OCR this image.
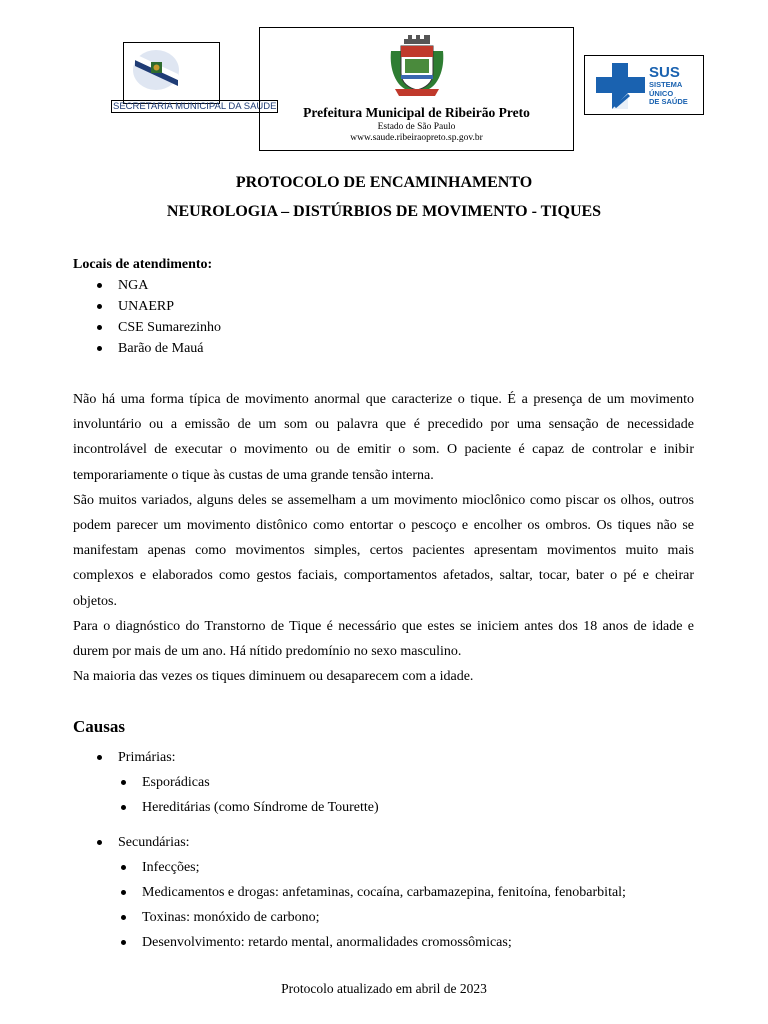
SECRETARIA MUNICIPAL DA SAÚDE	Prefeitura Municipal de Ribeirão Preto
Estado de São Paulo
www.saude.ribeiraopreto.sp.gov.br
SUS
SISTEMA
ÚNICO
DE SAÚDE
PROTOCOLO DE ENCAMINHAMENTO
NEUROLOGIA – DISTÚRBIOS DE MOVIMENTO - TIQUES
Locais de atendimento:
NGA
UNAERP
CSE Sumarezinho
Barão de Mauá

Não há uma forma típica de movimento anormal que caracterize o tique. É a presença de um movimento involuntário ou a emissão de um som ou palavra que é precedido por uma sensação de necessidade incontrolável de executar o movimento ou de emitir o som. O paciente é capaz de controlar e inibir temporariamente o tique às custas de uma grande tensão interna.

São muitos variados, alguns deles se assemelham a um movimento mioclônico como piscar os olhos, outros podem parecer um movimento distônico como entortar o pescoço e encolher os ombros. Os tiques não se manifestam apenas como movimentos simples, certos pacientes apresentam movimentos muito mais complexos e elaborados como gestos faciais, comportamentos afetados, saltar, tocar, bater o pé e cheirar objetos.

Para o diagnóstico do Transtorno de Tique é necessário que estes se iniciem antes dos 18 anos de idade e durem por mais de um ano. Há nítido predomínio no sexo masculino.

Na maioria das vezes os tiques diminuem ou desaparecem com a idade.

Causas
Primárias:
Esporádicas
Hereditárias (como Síndrome de Tourette)
Secundárias:
Infecções;
Medicamentos e drogas: anfetaminas, cocaína, carbamazepina, fenitoína, fenobarbital;
Toxinas: monóxido de carbono;
Desenvolvimento: retardo mental, anormalidades cromossômicas;
Protocolo atualizado em abril de 2023
